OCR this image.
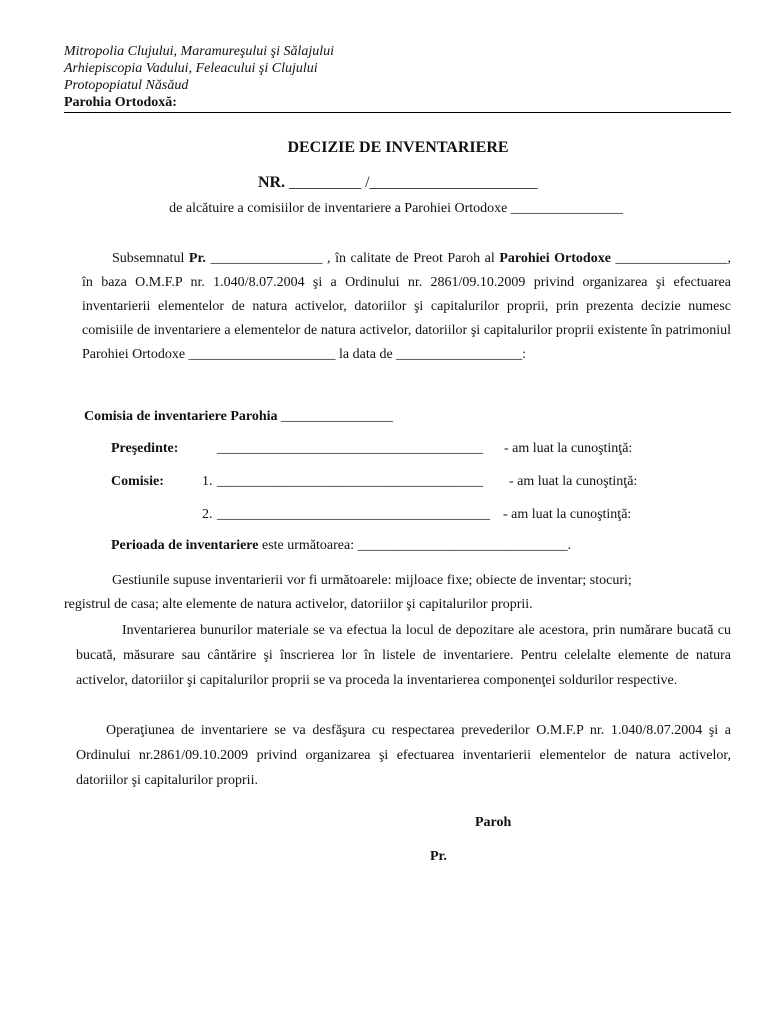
Mitropolia Clujului, Maramureşului şi Sălajului
Arhiepiscopia Vadului, Feleacului şi Clujului
Protopopiatul Năsăud
Parohia Ortodoxă:
DECIZIE DE INVENTARIERE
NR. _________ /_____________________
de alcătuire a comisiilor de inventariere a Parohiei Ortodoxe ________________
Subsemnatul Pr. ________________ , în calitate de Preot Paroh al Parohiei Ortodoxe ________________, în baza O.M.F.P nr. 1.040/8.07.2004 şi a Ordinului nr. 2861/09.10.2009 privind organizarea şi efectuarea inventarierii elementelor de natura activelor, datoriilor şi capitalurilor proprii, prin prezenta decizie numesc comisiile de inventariere a elementelor de natura activelor, datoriilor şi capitalurilor proprii existente în patrimoniul Parohiei Ortodoxe _____________________ la data de __________________:
Comisia de inventariere Parohia ________________
Preşedinte:	______________________________________ - am luat la cunoştinţă:
Comisie:	1. ______________________________________ - am luat la cunoştinţă:
2. _______________________________________ - am luat la cunoştinţă:
Perioada de inventariere este următoarea: ______________________________.
Gestiunile supuse inventarierii vor fi următoarele: mijloace fixe; obiecte de inventar; stocuri;
registrul de casa; alte elemente de natura activelor, datoriilor şi capitalurilor proprii.
Inventarierea bunurilor materiale se va efectua la locul de depozitare ale acestora, prin numărare bucată cu bucată, măsurare sau cântărire şi înscrierea lor în listele de inventariere. Pentru celelalte elemente de natura activelor, datoriilor şi capitalurilor proprii se va proceda la inventarierea componenţei soldurilor respective.
Operaţiunea de inventariere se va desfăşura cu respectarea prevederilor O.M.F.P nr. 1.040/8.07.2004 şi a Ordinului nr.2861/09.10.2009 privind organizarea şi efectuarea inventarierii elementelor de natura activelor, datoriilor şi capitalurilor proprii.
Paroh
Pr.
